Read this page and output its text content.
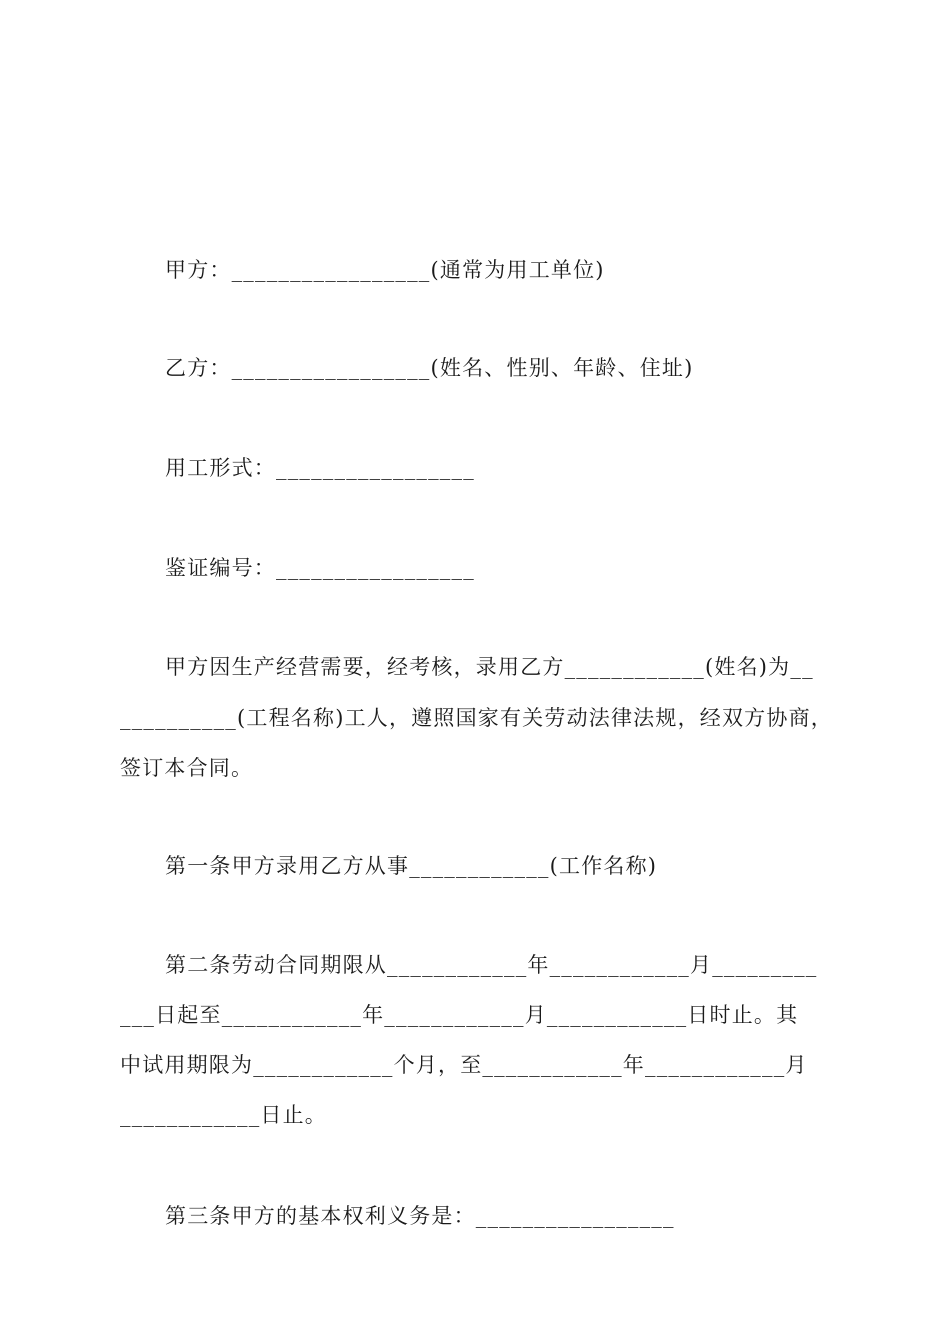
甲方：_________________(通常为用工单位)
乙方：_________________(姓名、性别、年龄、住址)
用工形式：_________________
鉴证编号：_________________
甲方因生产经营需要，经考核，录用乙方____________(姓名)为__
__________(工程名称)工人，遵照国家有关劳动法律法规，经双方协商，
签订本合同。
第一条甲方录用乙方从事____________(工作名称)
第二条劳动合同期限从____________年____________月_________
___日起至____________年____________月____________日时止。其
中试用期限为____________个月，至____________年____________月
____________日止。
第三条甲方的基本权利义务是：_________________
